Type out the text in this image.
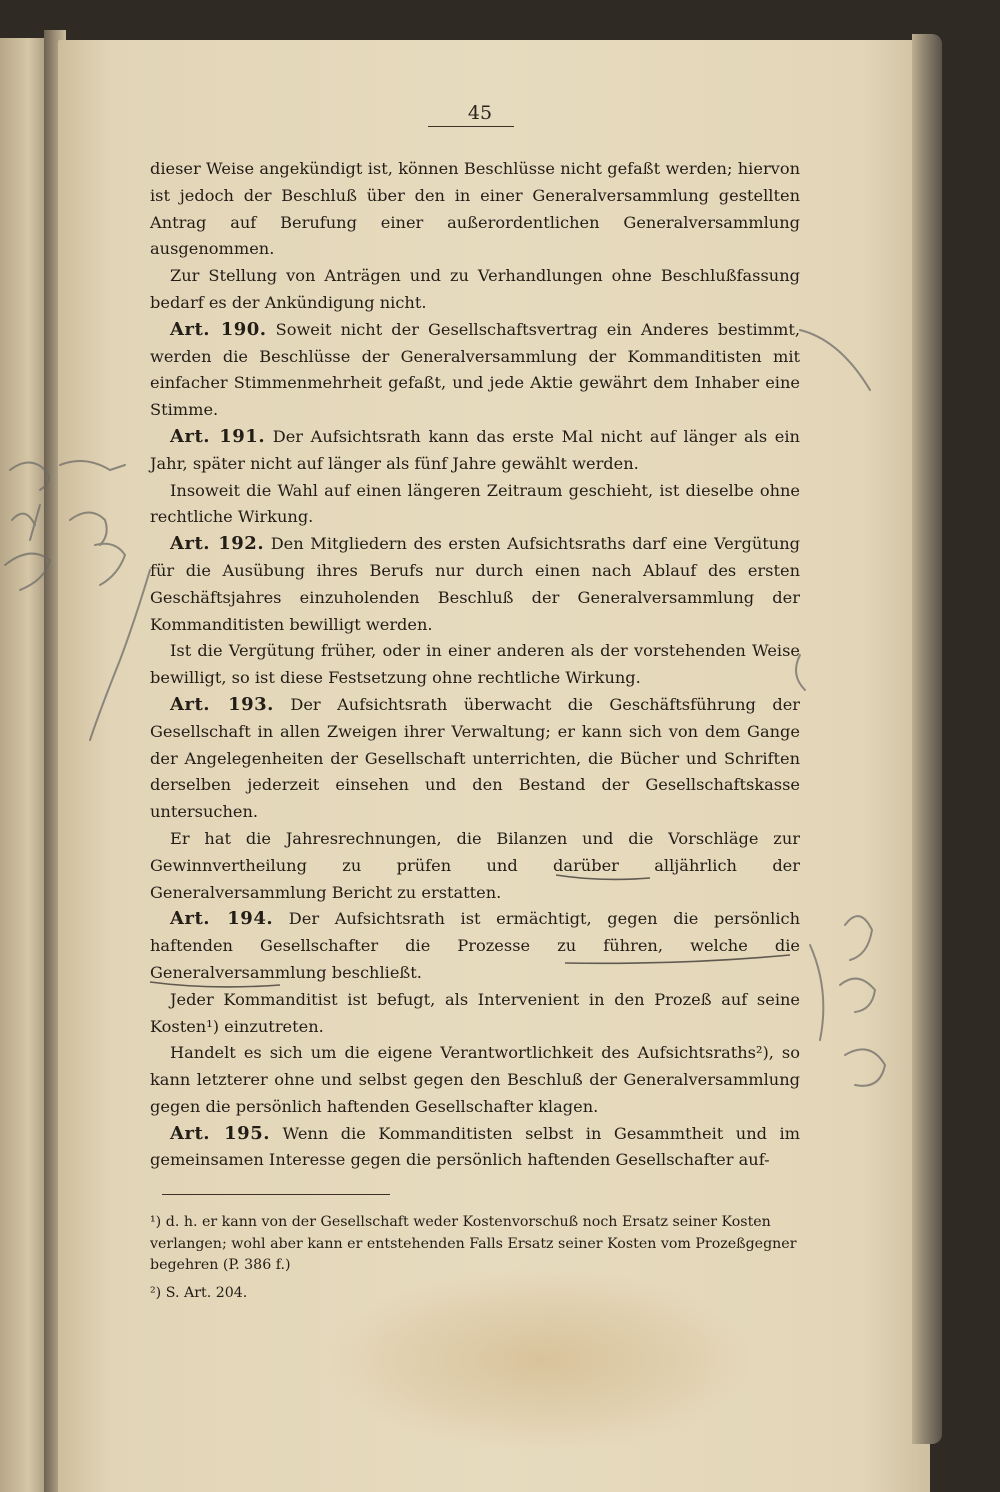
45

dieser Weise angekündigt ist, können Beschlüsse nicht gefaßt werden; hiervon ist jedoch der Beschluß über den in einer Generalversammlung gestellten Antrag auf Berufung einer außerordentlichen Generalversammlung ausgenommen.

Zur Stellung von Anträgen und zu Verhandlungen ohne Beschlußfassung bedarf es der Ankündigung nicht.

Art. 190. Soweit nicht der Gesellschaftsvertrag ein Anderes bestimmt, werden die Beschlüsse der Generalversammlung der Kommanditisten mit einfacher Stimmenmehrheit gefaßt, und jede Aktie gewährt dem Inhaber eine Stimme.

Art. 191. Der Aufsichtsrath kann das erste Mal nicht auf länger als ein Jahr, später nicht auf länger als fünf Jahre gewählt werden.

Insoweit die Wahl auf einen längeren Zeitraum geschieht, ist dieselbe ohne rechtliche Wirkung.

Art. 192. Den Mitgliedern des ersten Aufsichtsraths darf eine Vergütung für die Ausübung ihres Berufs nur durch einen nach Ablauf des ersten Geschäftsjahres einzuholenden Beschluß der Generalversammlung der Kommanditisten bewilligt werden.

Ist die Vergütung früher, oder in einer anderen als der vorstehenden Weise bewilligt, so ist diese Festsetzung ohne rechtliche Wirkung.

Art. 193. Der Aufsichtsrath überwacht die Geschäftsführung der Gesellschaft in allen Zweigen ihrer Verwaltung; er kann sich von dem Gange der Angelegenheiten der Gesellschaft unterrichten, die Bücher und Schriften derselben jederzeit einsehen und den Bestand der Gesellschaftskasse untersuchen.

Er hat die Jahresrechnungen, die Bilanzen und die Vorschläge zur Gewinnvertheilung zu prüfen und darüber alljährlich der Generalversammlung Bericht zu erstatten.

Art. 194. Der Aufsichtsrath ist ermächtigt, gegen die persönlich haftenden Gesellschafter die Prozesse zu führen, welche die Generalversammlung beschließt.

Jeder Kommanditist ist befugt, als Intervenient in den Prozeß auf seine Kosten¹) einzutreten.

Handelt es sich um die eigene Verantwortlichkeit des Aufsichtsraths²), so kann letzterer ohne und selbst gegen den Beschluß der Generalversammlung gegen die persönlich haftenden Gesellschafter klagen.

Art. 195. Wenn die Kommanditisten selbst in Gesammtheit und im gemeinsamen Interesse gegen die persönlich haftenden Gesellschafter auf-

¹) d. h. er kann von der Gesellschaft weder Kostenvorschuß noch Ersatz seiner Kosten verlangen; wohl aber kann er entstehenden Falls Ersatz seiner Kosten vom Prozeßgegner begehren (P. 386 f.)

²) S. Art. 204.
